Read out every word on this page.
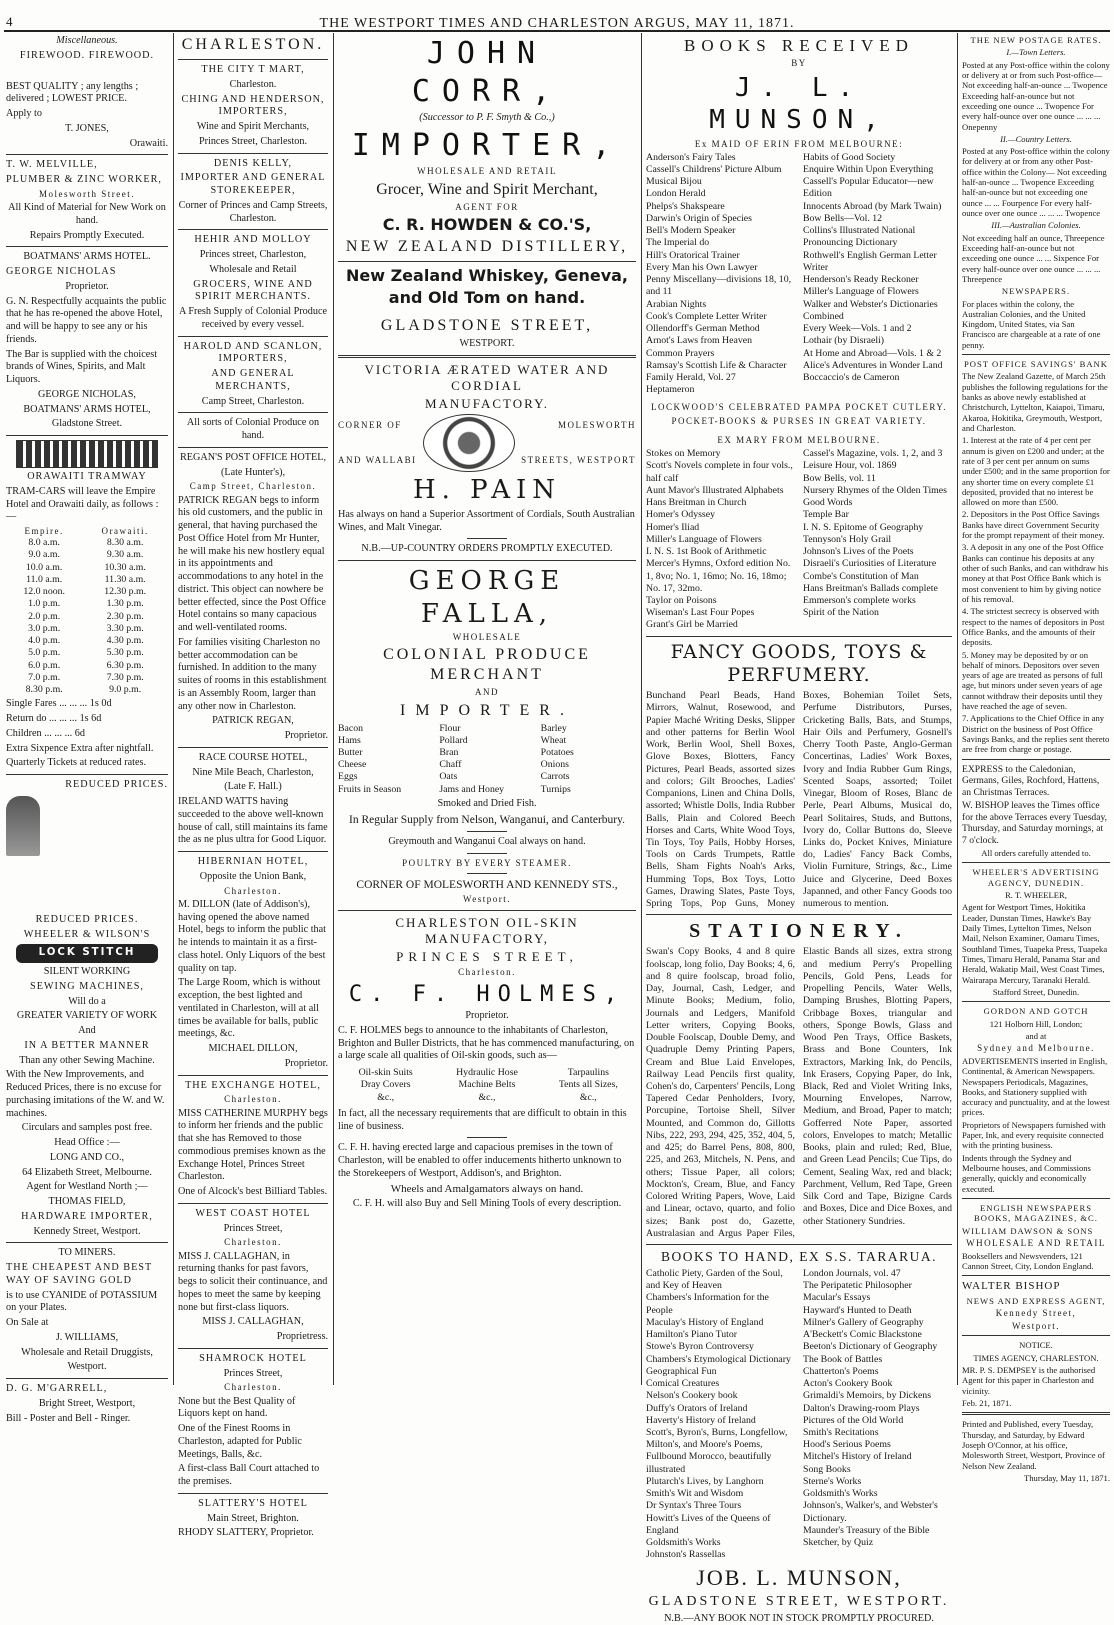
4	THE WESTPORT TIMES AND CHARLESTON ARGUS, MAY 11, 1871.

Miscellaneous.

FIREWOOD. FIREWOOD.

BEST QUALITY ; any lengths ; delivered ; LOWEST PRICE.

Apply to

T. JONES,

Orawaiti.

T. W. MELVILLE,

PLUMBER & ZINC WORKER,

Molesworth Street.

All Kind of Material for New Work on hand.

Repairs Promptly Executed.

BOATMANS' ARMS HOTEL.

GEORGE NICHOLAS

Proprietor.

G. N. Respectfully acquaints the public that he has re-opened the above Hotel, and will be happy to see any or his friends.

The Bar is supplied with the choicest brands of Wines, Spirits, and Malt Liquors.

GEORGE NICHOLAS,

BOATMANS' ARMS HOTEL,

Gladstone Street.

ORAWAITI TRAMWAY

TRAM-CARS will leave the Empire Hotel and Orawaiti daily, as follows :—

Empire.	Orawaiti.
8.0 a.m.	8.30 a.m.
9.0 a.m.	9.30 a.m.
10.0 a.m.	10.30 a.m.
11.0 a.m.	11.30 a.m.
12.0 noon.	12.30 p.m.
1.0 p.m.	1.30 p.m.
2.0 p.m.	2.30 p.m.
3.0 p.m.	3.30 p.m.
4.0 p.m.	4.30 p.m.
5.0 p.m.	5.30 p.m.
6.0 p.m.	6.30 p.m.
7.0 p.m.	7.30 p.m.
8.30 p.m.	9.0 p.m.

Single Fares ... ... ... 1s 0d

Return do ... ... ... 1s 6d

Children ... ... ... 6d

Extra Sixpence Extra after nightfall.

Quarterly Tickets at reduced rates.

REDUCED PRICES.

REDUCED PRICES.

WHEELER & WILSON'S

LOCK STITCH

SILENT WORKING

SEWING MACHINES,

Will do a

GREATER VARIETY OF WORK

And

IN A BETTER MANNER

Than any other Sewing Machine.

With the New Improvements, and Reduced Prices, there is no excuse for purchasing imitations of the W. and W. machines.

Circulars and samples post free.

Head Office :—

LONG AND CO.,

64 Elizabeth Street, Melbourne.

Agent for Westland North ;—

THOMAS FIELD,

HARDWARE IMPORTER,

Kennedy Street, Westport.

TO MINERS.

THE CHEAPEST AND BEST WAY OF SAVING GOLD

is to use CYANIDE of POTASSIUM on your Plates.

On Sale at

J. WILLIAMS,

Wholesale and Retail Druggists,

Westport.

D. G. M'GARRELL,

Bright Street, Westport,

Bill - Poster and Bell - Ringer.

CHARLESTON.

THE CITY T MART,

Charleston.

CHING AND HENDERSON, IMPORTERS,

Wine and Spirit Merchants,

Princes Street, Charleston.

DENIS KELLY,

IMPORTER AND GENERAL STOREKEEPER,

Corner of Princes and Camp Streets, Charleston.

HEHIR AND MOLLOY

Princes street, Charleston,

Wholesale and Retail

GROCERS, WINE AND SPIRIT MERCHANTS.

A Fresh Supply of Colonial Produce received by every vessel.

HAROLD AND SCANLON, IMPORTERS,

AND GENERAL MERCHANTS,

Camp Street, Charleston.

All sorts of Colonial Produce on hand.

REGAN'S POST OFFICE HOTEL,

(Late Hunter's),

Camp Street, Charleston.

PATRICK REGAN begs to inform his old customers, and the public in general, that having purchased the Post Office Hotel from Mr Hunter, he will make his new hostlery equal in its appointments and accommodations to any hotel in the district. This object can nowhere be better effected, since the Post Office Hotel contains so many capacious and well-ventilated rooms.

For families visiting Charleston no better accommodation can be furnished. In addition to the many suites of rooms in this establishment is an Assembly Room, larger than any other now in Charleston.

PATRICK REGAN,

Proprietor.

RACE COURSE HOTEL,

Nine Mile Beach, Charleston,

(Late F. Hall.)

IRELAND WATTS having succeeded to the above well-known house of call, still maintains its fame the as ne plus ultra for Good Liquor.

HIBERNIAN HOTEL,

Opposite the Union Bank,

Charleston.

M. DILLON (late of Addison's), having opened the above named Hotel, begs to inform the public that he intends to maintain it as a first-class hotel. Only Liquors of the best quality on tap.

The Large Room, which is without exception, the best lighted and ventilated in Charleston, will at all times be available for balls, public meetings, &c.

MICHAEL DILLON,

Proprietor.

THE EXCHANGE HOTEL,

Charleston.

MISS CATHERINE MURPHY begs to inform her friends and the public that she has Removed to those commodious premises known as the Exchange Hotel, Princes Street Charleston.

One of Alcock's best Billiard Tables.

WEST COAST HOTEL

Princes Street,

Charleston.

MISS J. CALLAGHAN, in returning thanks for past favors, begs to solicit their continuance, and hopes to meet the same by keeping none but first-class liquors.

MISS J. CALLAGHAN,

Proprietress.

SHAMROCK HOTEL

Princes Street,

Charleston.

None but the Best Quality of Liquors kept on hand.

One of the Finest Rooms in Charleston, adapted for Public Meetings, Balls, &c.

A first-class Ball Court attached to the premises.

SLATTERY'S HOTEL

Main Street, Brighton.

RHODY SLATTERY, Proprietor.

JOHN CORR,

(Successor to P. F. Smyth & Co.,)

IMPORTER,

WHOLESALE AND RETAIL

Grocer, Wine and Spirit Merchant,

AGENT FOR

C. R. HOWDEN & CO.'S,

NEW ZEALAND DISTILLERY,

New Zealand Whiskey, Geneva,

and Old Tom on hand.

GLADSTONE STREET,

WESTPORT.

VICTORIA ÆRATED WATER AND CORDIAL

MANUFACTORY.

CORNER OF

AND WALLABI

MOLESWORTH

STREETS, WESTPORT

H. PAIN

Has always on hand a Superior Assortment of Cordials, South Australian Wines, and Malt Vinegar.

N.B.—UP-COUNTRY ORDERS PROMPTLY EXECUTED.

GEORGE FALLA,

WHOLESALE

COLONIAL PRODUCE MERCHANT

AND

IMPORTER.

Bacon	Flour	Barley
Hams	Pollard	Wheat
Butter	Bran	Potatoes
Cheese	Chaff	Onions
Eggs	Oats	Carrots
Fruits in Season	Jams and Honey	Turnips

Smoked and Dried Fish.

In Regular Supply from Nelson, Wanganui, and Canterbury.

Greymouth and Wanganui Coal always on hand.

POULTRY BY EVERY STEAMER.

CORNER OF MOLESWORTH AND KENNEDY STS.,

Westport.

CHARLESTON OIL-SKIN MANUFACTORY,

PRINCES STREET,

Charleston.

C. F. HOLMES,

Proprietor.

C. F. HOLMES begs to announce to the inhabitants of Charleston, Brighton and Buller Districts, that he has commenced manufacturing, on a large scale all qualities of Oil-skin goods, such as—

Oil-skin Suits	Hydraulic Hose	Tarpaulins
Dray Covers	Machine Belts	Tents all Sizes,
&c.,	&c.,	&c.,

In fact, all the necessary requirements that are difficult to obtain in this line of business.

C. F. H. having erected large and capacious premises in the town of Charleston, will be enabled to offer inducements hitherto unknown to the Storekeepers of Westport, Addison's, and Brighton.

Wheels and Amalgamators always on hand.

C. F. H. will also Buy and Sell Mining Tools of every description.

BOOKS RECEIVED

BY

J. L. MUNSON,

Ex MAID OF ERIN FROM MELBOURNE:

Anderson's Fairy Tales

Cassell's Childrens' Picture Album

Musical Bijou

London Herald

Phelps's Shakspeare

Darwin's Origin of Species

Bell's Modern Speaker

The Imperial do

Hill's Oratorical Trainer

Every Man his Own Lawyer

Penny Miscellany—divisions 18, 10, and 11

Arabian Nights

Cook's Complete Letter Writer

Ollendorff's German Method

Arnot's Laws from Heaven

Common Prayers

Ramsay's Scottish Life & Character

Family Herald, Vol. 27

Heptameron

Habits of Good Society

Enquire Within Upon Everything

Cassell's Popular Educator—new Edition

Innocents Abroad (by Mark Twain)

Bow Bells—Vol. 12

Collins's Illustrated National Pronouncing Dictionary

Rothwell's English German Letter Writer

Henderson's Ready Reckoner

Miller's Language of Flowers

Walker and Webster's Dictionaries Combined

Every Week—Vols. 1 and 2

Lothair (by Disraeli)

At Home and Abroad—Vols. 1 & 2

Alice's Adventures in Wonder Land

Boccaccio's de Cameron

LOCKWOOD'S CELEBRATED PAMPA POCKET CUTLERY.

POCKET-BOOKS & PURSES IN GREAT VARIETY.

EX MARY FROM MELBOURNE.

Stokes on Memory

Scott's Novels complete in four vols., half calf

Aunt Mavor's Illustrated Alphabets

Hans Breitman in Church

Homer's Odyssey

Homer's Iliad

Miller's Language of Flowers

I. N. S. 1st Book of Arithmetic

Mercer's Hymns, Oxford edition No. 1, 8vo; No. 1, 16mo; No. 16, 18mo; No. 17, 32mo.

Taylor on Poisons

Wiseman's Last Four Popes

Grant's Girl be Married

Cassel's Magazine, vols. 1, 2, and 3

Leisure Hour, vol. 1869

Bow Bells, vol. 11

Nursery Rhymes of the Olden Times

Good Words

Temple Bar

I. N. S. Epitome of Geography

Tennyson's Holy Grail

Johnson's Lives of the Poets

Disraeli's Curiosities of Literature

Combe's Constitution of Man

Hans Breitman's Ballads complete

Emmerson's complete works

Spirit of the Nation

FANCY GOODS, TOYS & PERFUMERY.

Bunchand Pearl Beads, Hand Mirrors, Walnut, Rosewood, and Papier Maché Writing Desks, Slipper and other patterns for Berlin Wool Work, Berlin Wool, Shell Boxes, Glove Boxes, Blotters, Fancy Pictures, Pearl Beads, assorted sizes and colors; Gilt Brooches, Ladies' Companions, Linen and China Dolls, assorted; Whistle Dolls, India Rubber Balls, Plain and Colored Beech Horses and Carts, White Wood Toys, Tin Toys, Toy Pails, Hobby Horses, Tools on Cards Trumpets, Rattle Bells, Sham Fights Noah's Arks, Humming Tops, Box Toys, Lotto Games, Drawing Slates, Paste Toys, Spring Tops, Pop Guns, Money Boxes, Bohemian Toilet Sets, Perfume Distributors, Purses, Cricketing Balls, Bats, and Stumps, Hair Oils and Perfumery, Gosnell's Cherry Tooth Paste, Anglo-German Concertinas, Ladies' Work Boxes, Ivory and India Rubber Gum Rings, Scented Soaps, assorted; Toilet Vinegar, Bloom of Roses, Blanc de Perle, Pearl Albums, Musical do, Pearl Solitaires, Studs, and Buttons, Ivory do, Collar Buttons do, Sleeve Links do, Pocket Knives, Miniature do, Ladies' Fancy Back Combs, Violin Furniture, Strings, &c., Lime Juice and Glycerine, Deed Boxes Japanned, and other Fancy Goods too numerous to mention.

STATIONERY.

Swan's Copy Books, 4 and 8 quire foolscap, long folio, Day Books; 4, 6, and 8 quire foolscap, broad folio, Day, Journal, Cash, Ledger, and Minute Books; Medium, folio, Journals and Ledgers, Manifold Letter writers, Copying Books, Double Foolscap, Double Demy, and Quadruple Demy Printing Papers, Cream and Blue Laid Envelopes, Railway Lead Pencils first quality, Cohen's do, Carpenters' Pencils, Long Tapered Cedar Penholders, Ivory, Porcupine, Tortoise Shell, Silver Mounted, and Common do, Gillotts Nibs, 222, 293, 294, 425, 352, 404, 5, and 425; do Barrel Pens, 808, 800, 225, and 263, Mitchels, N. Pens, and others; Tissue Paper, all colors; Mockton's, Cream, Blue, and Fancy Colored Writing Papers, Wove, Laid and Linear, octavo, quarto, and folio sizes; Bank post do, Gazette, Australasian and Argus Paper Files, Elastic Bands all sizes, extra strong and medium Perry's Propelling Pencils, Gold Pens, Leads for Propelling Pencils, Water Wells, Damping Brushes, Blotting Papers, Cribbage Boxes, triangular and others, Sponge Bowls, Glass and Wood Pen Trays, Office Baskets, Brass and Bone Counters, Ink Extractors, Marking Ink, do Pencils, Ink Erasers, Copying Paper, do Ink, Black, Red and Violet Writing Inks, Mourning Envelopes, Narrow, Medium, and Broad, Paper to match; Gofferred Note Paper, assorted colors, Envelopes to match; Metallic Books, plain and ruled; Red, Blue, and Green Lead Pencils; Cue Tips, do Cement, Sealing Wax, red and black; Parchment, Vellum, Red Tape, Green Silk Cord and Tape, Bizigne Cards and Boxes, Dice and Dice Boxes, and other Stationery Sundries.

BOOKS TO HAND, EX S.S. TARARUA.

Catholic Piety, Garden of the Soul, and Key of Heaven

Chambers's Information for the People

Maculay's History of England

Hamilton's Piano Tutor

Stowe's Byron Controversy

Chambers's Etymological Dictionary

Geographical Fun

Comical Creatures

Nelson's Cookery book

Duffy's Orators of Ireland

Haverty's History of Ireland

Scott's, Byron's, Burns, Longfellow, Milton's, and Moore's Poems, Fullbound Morocco, beautifully illustrated

Plutarch's Lives, by Langhorn

Smith's Wit and Wisdom

Dr Syntax's Three Tours

Howitt's Lives of the Queens of England

Goldsmith's Works

Johnston's Rassellas

London Journals, vol. 47

The Peripatetic Philosopher

Macular's Essays

Hayward's Hunted to Death

Milner's Gallery of Geography

A'Beckett's Comic Blackstone

Beeton's Dictionary of Geography

The Book of Battles

Chatterton's Poems

Acton's Cookery Book

Grimaldi's Memoirs, by Dickens

Dalton's Drawing-room Plays

Pictures of the Old World

Smith's Recitations

Hood's Serious Poems

Mitchel's History of Ireland

Song Books

Sterne's Works

Goldsmith's Works

Johnson's, Walker's, and Webster's Dictionary.

Maunder's Treasury of the Bible

Sketcher, by Quiz

JOB. L. MUNSON,

GLADSTONE STREET, WESTPORT.

N.B.—ANY BOOK NOT IN STOCK PROMPTLY PROCURED.

THE NEW POSTAGE RATES.

I.—Town Letters.

Posted at any Post-office within the colony or delivery at or from such Post-office— Not exceeding half-an-ounce ... Twopence Exceeding half-an-ounce but not exceeding one ounce ... Twopence For every half-ounce over one ounce ... ... ... Onepenny

II.—Country Letters.

Posted at any Post-office within the colony for delivery at or from any other Post-office within the Colony— Not exceeding half-an-ounce ... Twopence Exceeding half-an-ounce but not exceeding one ounce ... ... Fourpence For every half-ounce over one ounce ... ... ... Twopence

III.—Australian Colonies.

Not exceeding half an ounce, Threepence Exceeding half-an-ounce but not exceeding one ounce ... ... Sixpence For every half-ounce over one ounce ... ... ... Threepence

NEWSPAPERS.

For places within the colony, the Australian Colonies, and the United Kingdom, United States, via San Francisco are chargeable at a rate of one penny.

POST OFFICE SAVINGS' BANK

The New Zealand Gazette, of March 25th publishes the following regulations for the banks as above newly established at Christchurch, Lyttelton, Kaiapoi, Timaru, Akaroa, Hokitika, Greymouth, Westport, and Charleston.

1. Interest at the rate of 4 per cent per annum is given on £200 and under; at the rate of 3 per cent per annum on sums under £500; and in the same proportion for any shorter time on every complete £1 deposited, provided that no interest be allowed on more than £500.

2. Depositors in the Post Office Savings Banks have direct Government Security for the prompt repayment of their money.

3. A deposit in any one of the Post Office Banks can continue his deposits at any other of such Banks, and can withdraw his money at that Post Office Bank which is most convenient to him by giving notice of his removal.

4. The strictest secrecy is observed with respect to the names of depositors in Post Office Banks, and the amounts of their deposits.

5. Money may be deposited by or on behalf of minors. Depositors over seven years of age are treated as persons of full age, but minors under seven years of age cannot withdraw their deposits until they have reached the age of seven.

7. Applications to the Chief Office in any District on the business of Post Office Savings Banks, and the replies sent thereto are free from charge or postage.

EXPRESS to the Caledonian, Germans, Giles, Rochford, Hattens, an Christmas Terraces.

W. BISHOP leaves the Times office for the above Terraces every Tuesday, Thursday, and Saturday mornings, at 7 o'clock.

All orders carefully attended to.

WHEELER'S ADVERTISING AGENCY, DUNEDIN.

R. T. WHEELER,

Agent for Westport Times, Hokitika Leader, Dunstan Times, Hawke's Bay Daily Times, Lyttelton Times, Nelson Mail, Nelson Examiner, Oamaru Times, Southland Times, Tuapeka Press, Tuapeka Times, Timaru Herald, Panama Star and Herald, Wakatip Mail, West Coast Times, Wairarapa Mercury, Taranaki Herald.

Stafford Street, Dunedin.

GORDON AND GOTCH

121 Holborn Hill, London;

and at

Sydney and Melbourne.

ADVERTISEMENTS inserted in English, Continental, & American Newspapers. Newspapers Periodicals, Magazines, Books, and Stationery supplied with accuracy and punctuality, and at the lowest prices.

Proprietors of Newspapers furnished with Paper, Ink, and every requisite connected with the printing business.

Indents through the Sydney and Melbourne houses, and Commissions generally, quickly and economically executed.

ENGLISH NEWSPAPERS BOOKS, MAGAZINES, &C.

WILLIAM DAWSON & SONS

WHOLESALE AND RETAIL

Booksellers and Newsvenders, 121 Cannon Street, City, London England.

WALTER BISHOP

NEWS AND EXPRESS AGENT,

Kennedy Street,

Westport.

NOTICE.

TIMES AGENCY, CHARLESTON.

MR. P. S. DEMPSEY is the authorised Agent for this paper in Charleston and vicinity.

Feb. 21, 1871.

Printed and Published, every Tuesday, Thursday, and Saturday, by Edward Joseph O'Connor, at his office, Molesworth Street, Westport, Province of Nelson New Zealand.

Thursday, May 11, 1871.
